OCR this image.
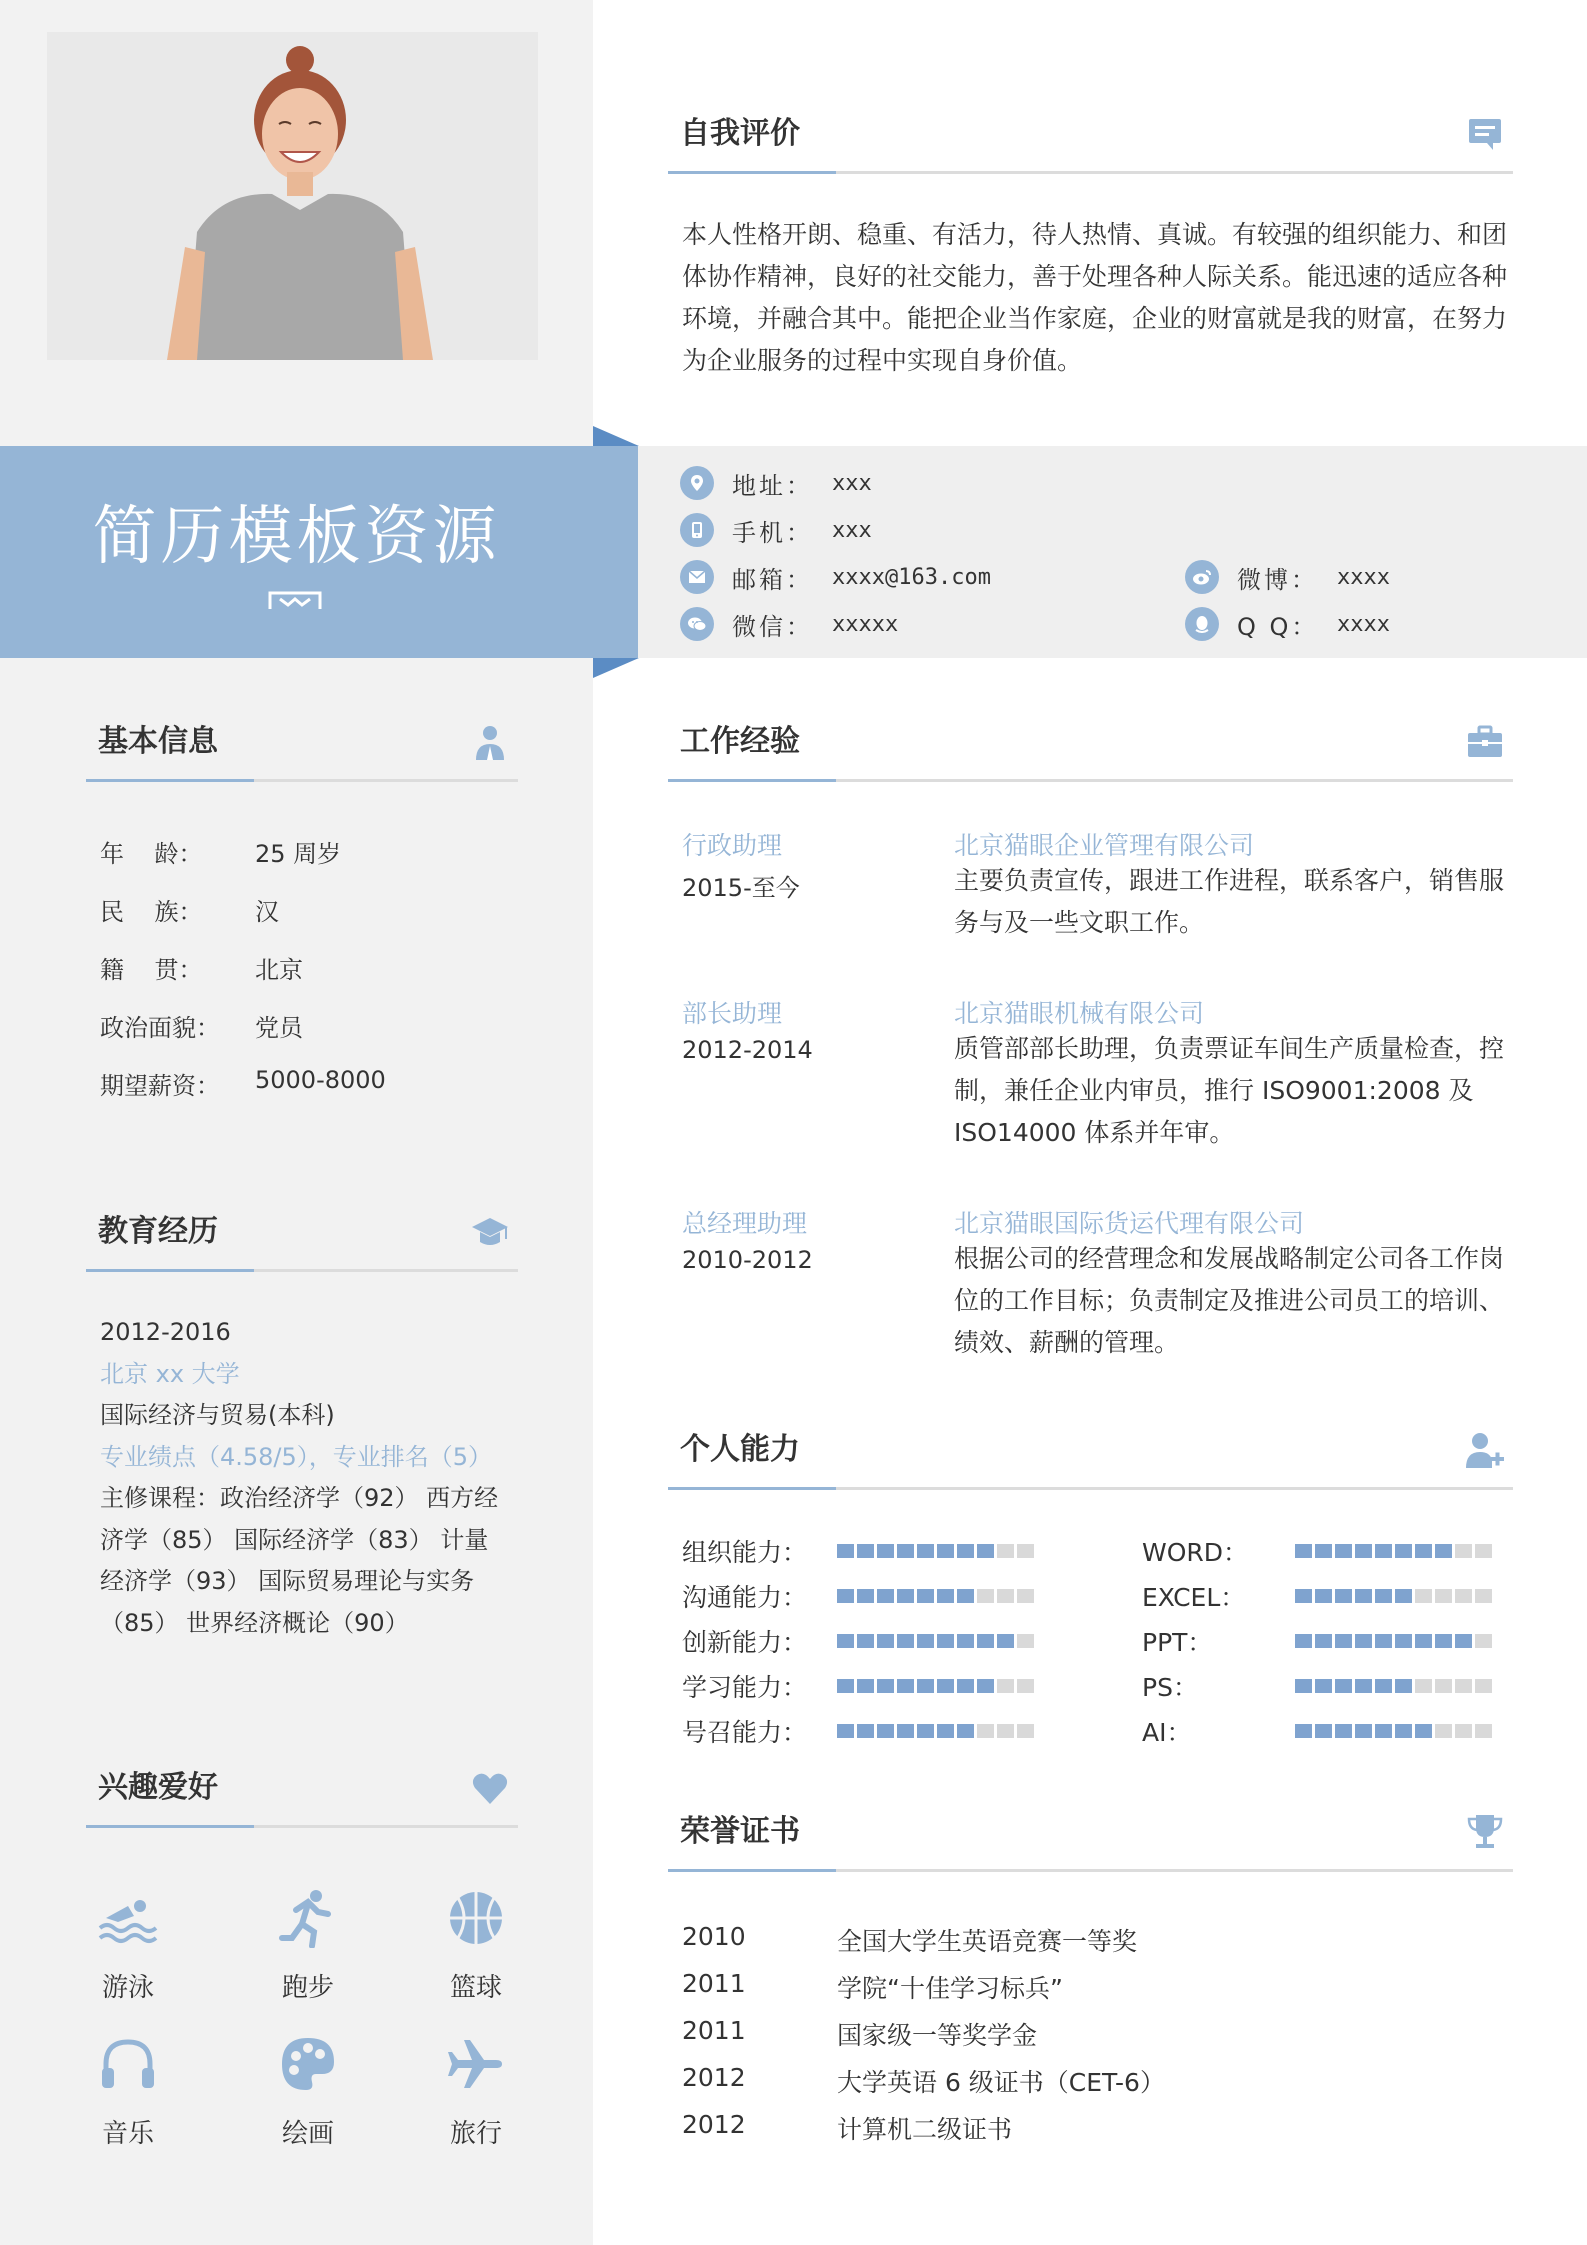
简历模板资源
地址： xxx
手机： xxx
邮箱： xxxx@163.com
微信： xxxxx
微博： xxxx
Q Q： xxxx
自我评价
本人性格开朗、稳重、有活力，待人热情、真诚。有较强的组织能力、和团体协作精神，良好的社交能力，善于处理各种人际关系。能迅速的适应各种环境，并融合其中。能把企业当作家庭，企业的财富就是我的财富，在努力为企业服务的过程中实现自身价值。
基本信息
年    龄：	25 周岁
民    族：	汉
籍    贯：	北京
政治面貌：	党员
期望薪资：	5000-8000
教育经历
2012-2016
北京 xx 大学
国际经济与贸易(本科)
专业绩点（4.58/5），专业排名（5）
主修课程：政治经济学（92） 西方经济学（85） 国际经济学（83） 计量经济学（93） 国际贸易理论与实务（85） 世界经济概论（90）
兴趣爱好
游泳	跑步	篮球
音乐	绘画	旅行
工作经验
行政助理
2015-至今
北京猫眼企业管理有限公司
主要负责宣传，跟进工作进程，联系客户，销售服务与及一些文职工作。
部长助理
2012-2014
北京猫眼机械有限公司
质管部部长助理，负责票证车间生产质量检查，控制，兼任企业内审员，推行 ISO9001:2008 及 ISO14000 体系并年审。
总经理助理
2010-2012
北京猫眼国际货运代理有限公司
根据公司的经营理念和发展战略制定公司各工作岗位的工作目标；负责制定及推进公司员工的培训、绩效、薪酬的管理。
个人能力
组织能力：
沟通能力：
创新能力：
学习能力：
号召能力：
WORD：
EXCEL：
PPT：
PS：
AI：
荣誉证书
2010	全国大学生英语竞赛一等奖
2011	学院“十佳学习标兵”
2011	国家级一等奖学金
2012	大学英语 6 级证书（CET-6）
2012	计算机二级证书
